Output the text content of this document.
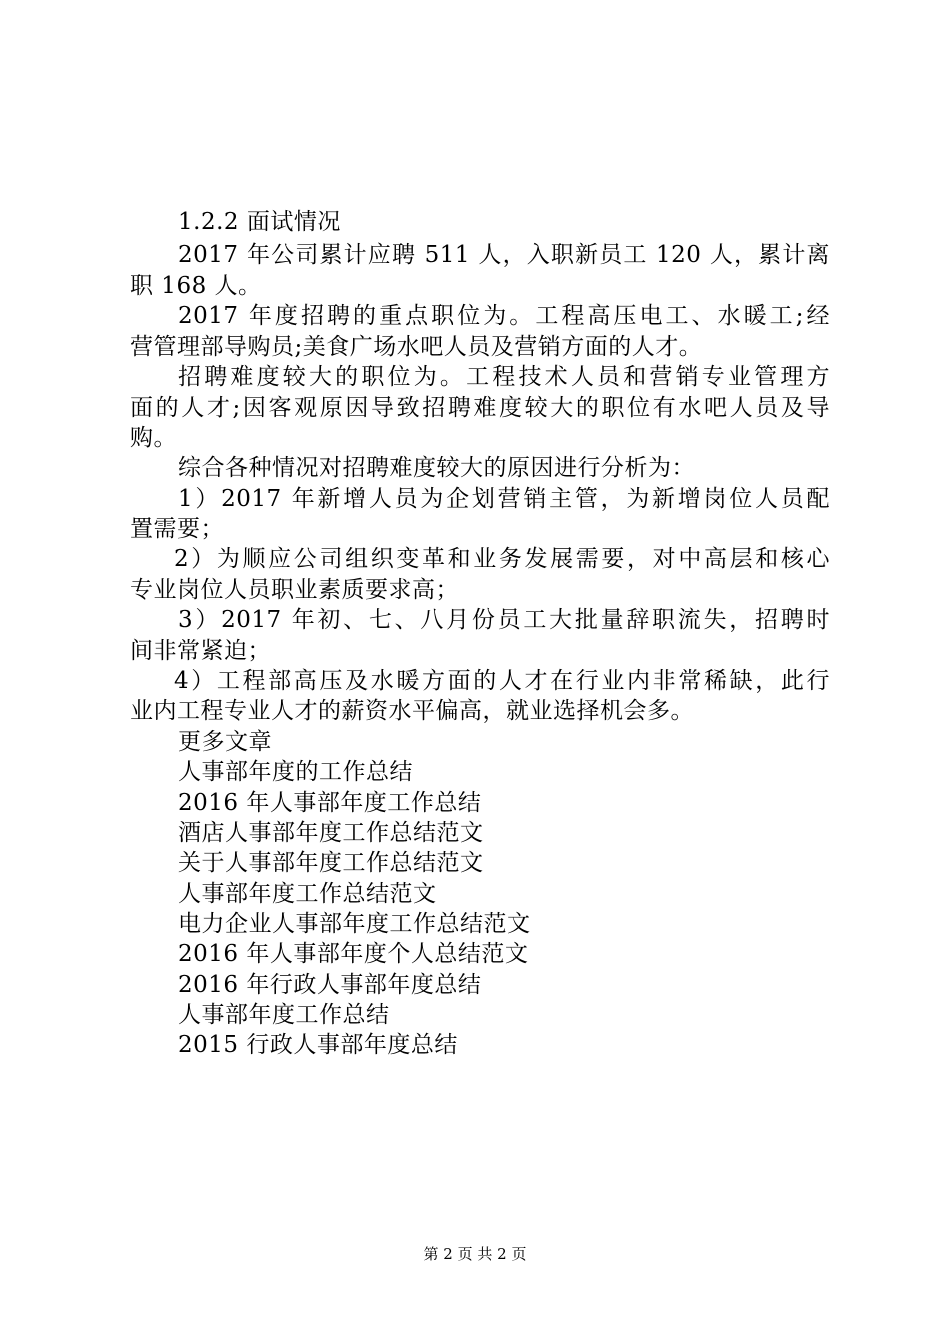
1.2.2 面试情况
2017 年公司累计应聘 511 人，入职新员工 120 人，累计离
职 168 人。
2017 年度招聘的重点职位为。工程高压电工、水暖工;经
营管理部导购员;美食广场水吧人员及营销方面的人才。
招聘难度较大的职位为。工程技术人员和营销专业管理方
面的人才;因客观原因导致招聘难度较大的职位有水吧人员及导
购。
综合各种情况对招聘难度较大的原因进行分析为：
1）2017 年新增人员为企划营销主管，为新增岗位人员配
置需要；
2）为顺应公司组织变革和业务发展需要，对中高层和核心
专业岗位人员职业素质要求高；
3）2017 年初、七、八月份员工大批量辞职流失，招聘时
间非常紧迫；
4）工程部高压及水暖方面的人才在行业内非常稀缺，此行
业内工程专业人才的薪资水平偏高，就业选择机会多。
更多文章
人事部年度的工作总结
2016 年人事部年度工作总结
酒店人事部年度工作总结范文
关于人事部年度工作总结范文
人事部年度工作总结范文
电力企业人事部年度工作总结范文
2016 年人事部年度个人总结范文
2016 年行政人事部年度总结
人事部年度工作总结
2015 行政人事部年度总结
第 2 页 共 2 页
